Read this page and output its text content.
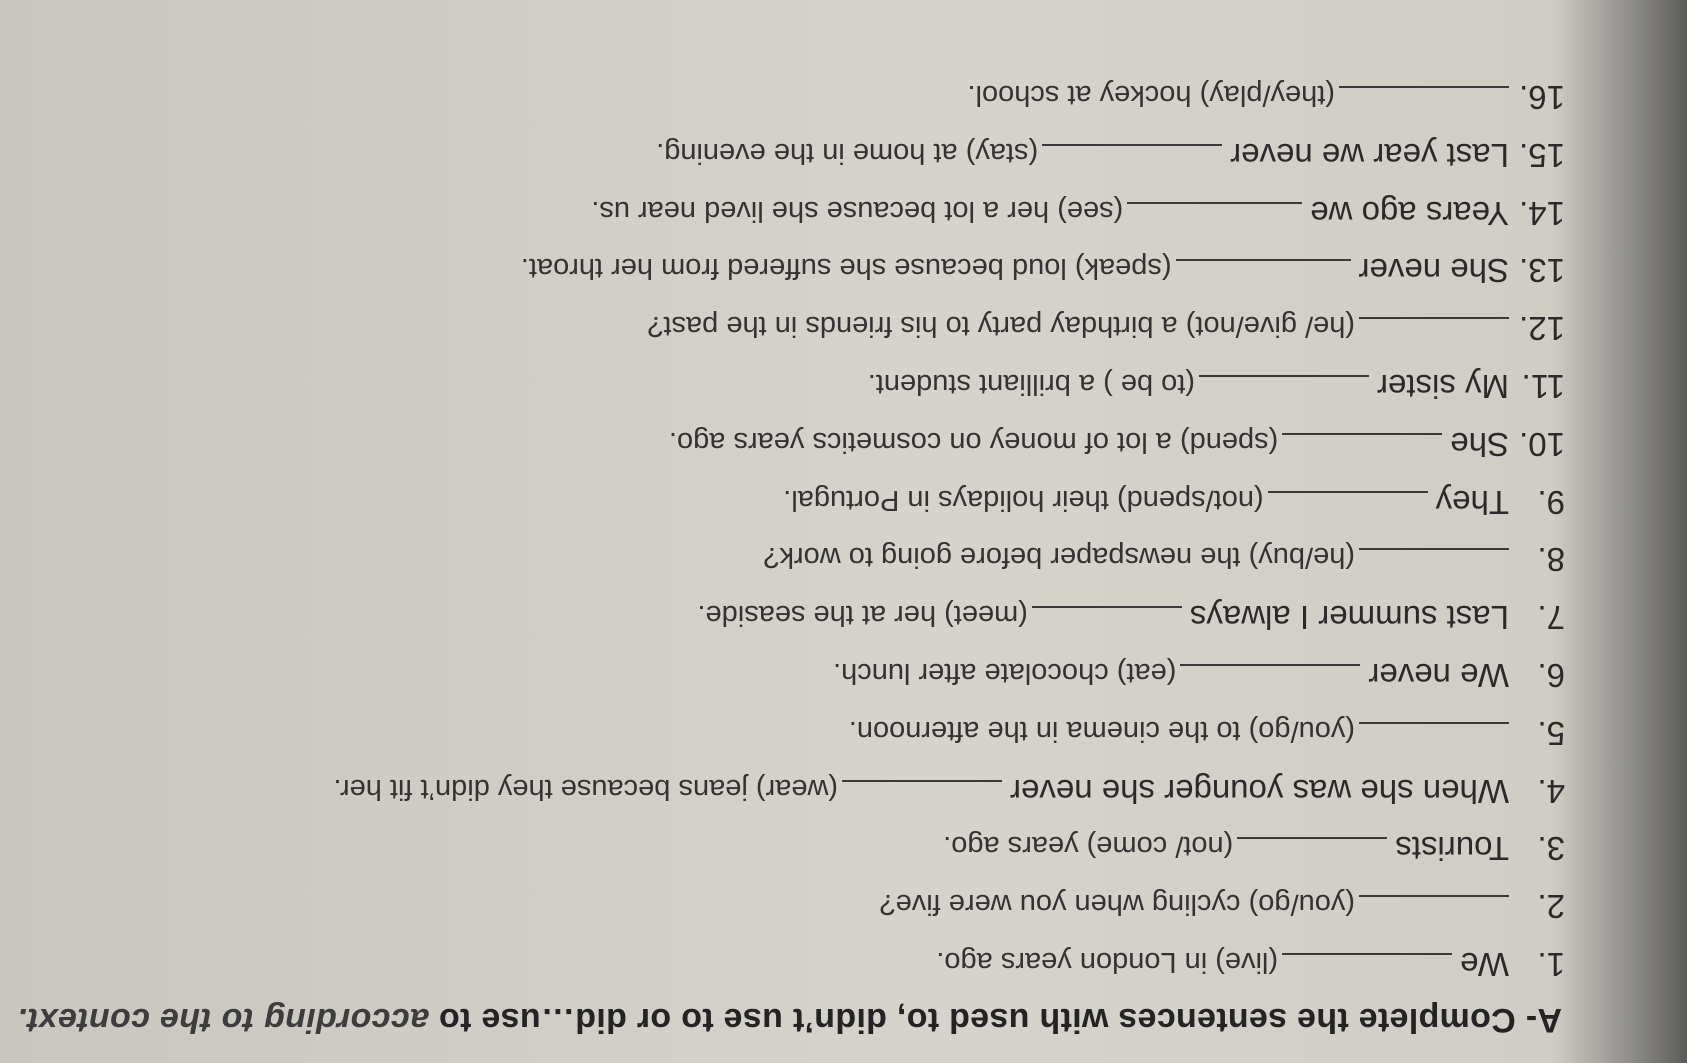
A- Complete the sentences with used to, didn’t use to or did…use to according to the context.
1.
We
(live) in London years ago.
2.
(you/go) cycling when you were five?
3.
Tourists
(not/ come) years ago.
4.
When she was younger she never
(wear) jeans because they didn’t fit her.
5.
(you/go) to the cinema in the afternoon.
6.
We never
(eat) chocolate after lunch.
7.
Last summer I always
(meet) her at the seaside.
8.
(he/buy) the newspaper before going to work?
9.
They
(not/spend) their holidays in Portugal.
10.
She
(spend) a lot of money on cosmetics years ago.
11.
My sister
(to be ) a brilliant student.
12.
(he/ give/not) a birthday party to his friends in the past?
13.
She never
(speak) loud because she suffered from her throat.
14.
Years ago we
(see) her a lot because she lived near us.
15.
Last year we never
(stay) at home in the evening.
16.
(they/play) hockey at school.
